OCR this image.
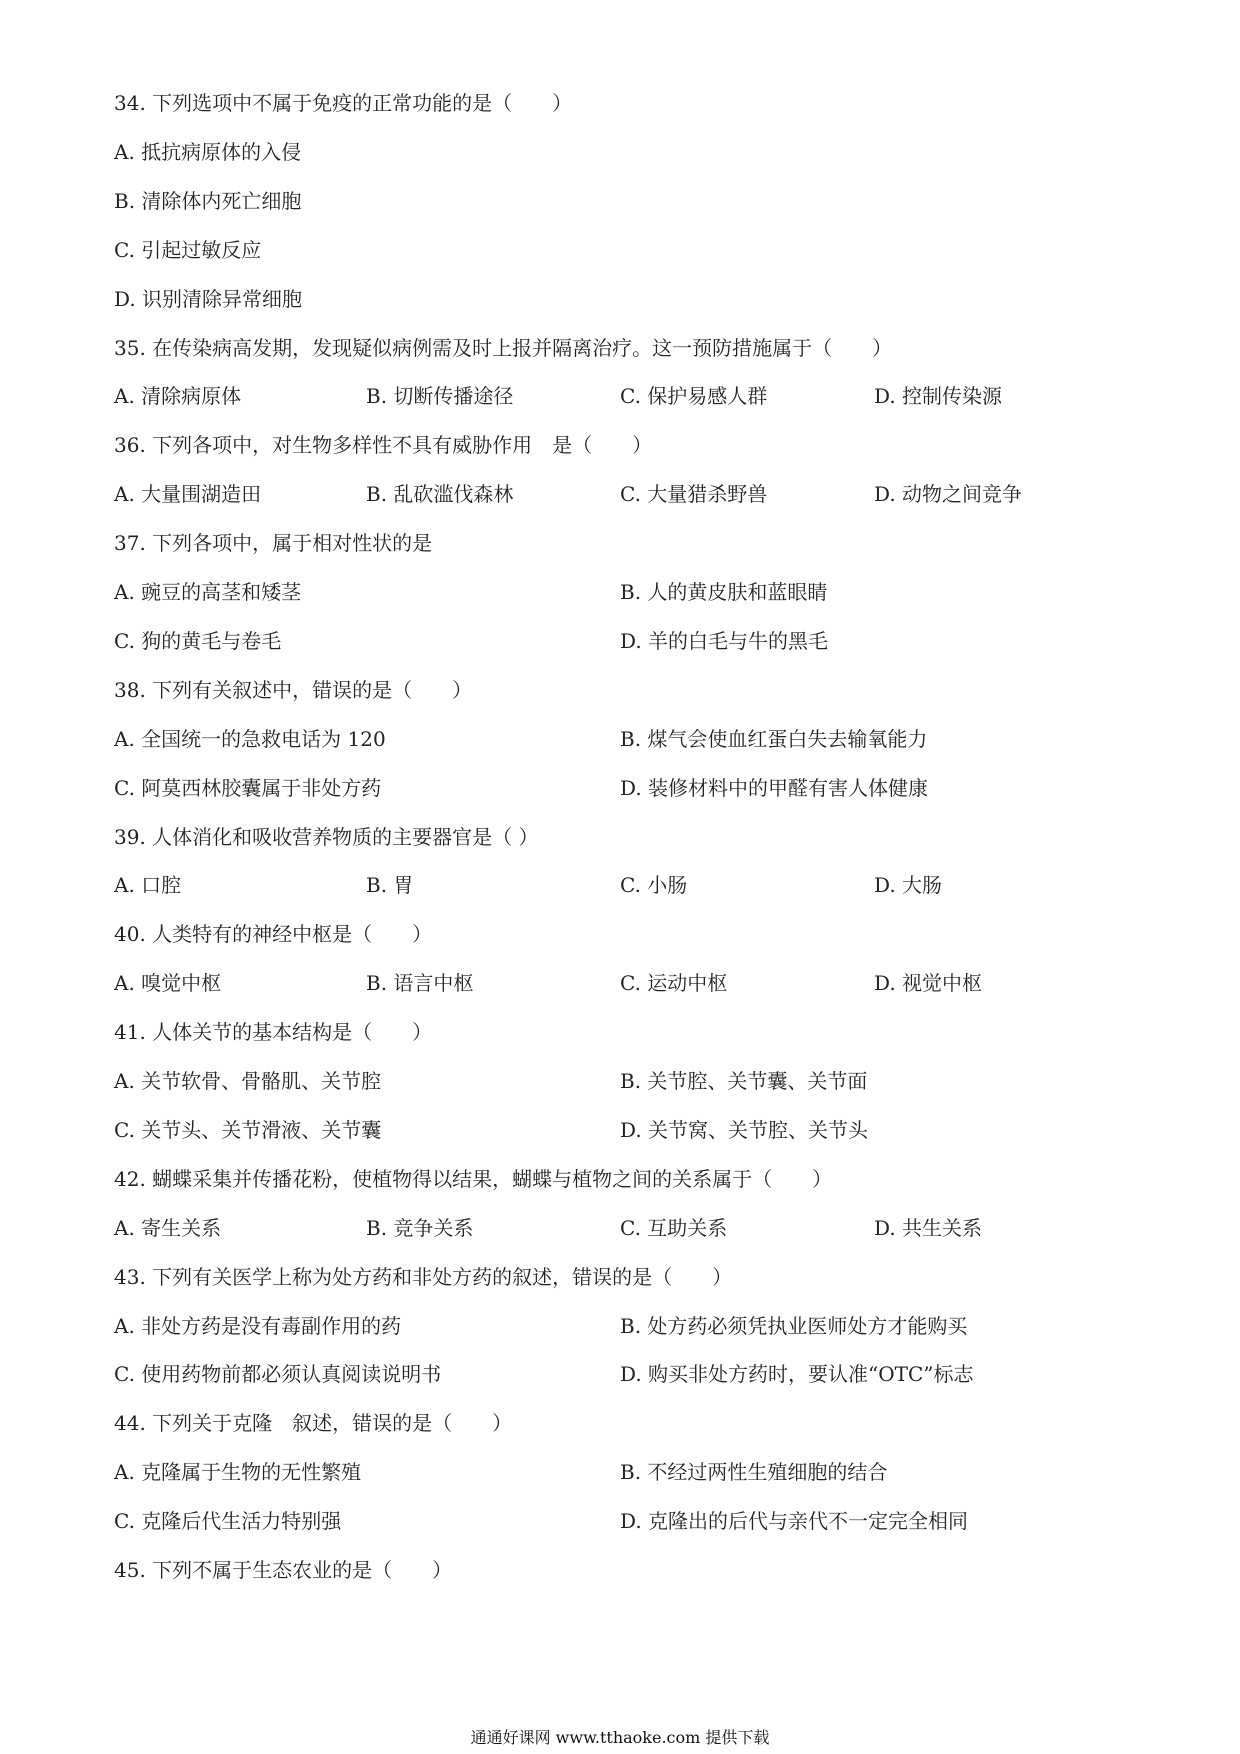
34. 下列选项中不属于免疫的正常功能的是（　　）
A. 抵抗病原体的入侵
B. 清除体内死亡细胞
C. 引起过敏反应
D. 识别清除异常细胞
35. 在传染病高发期，发现疑似病例需及时上报并隔离治疗。这一预防措施属于（　　）
A. 清除病原体	B. 切断传播途径	C. 保护易感人群	D. 控制传染源
36. 下列各项中，对生物多样性不具有威胁作用　是（　　）
A. 大量围湖造田	B. 乱砍滥伐森林	C. 大量猎杀野兽	D. 动物之间竞争
37. 下列各项中，属于相对性状的是
A. 豌豆的高茎和矮茎	B. 人的黄皮肤和蓝眼睛
C. 狗的黄毛与卷毛	D. 羊的白毛与牛的黑毛
38. 下列有关叙述中，错误的是（　　）
A. 全国统一的急救电话为 120	B. 煤气会使血红蛋白失去输氧能力
C. 阿莫西林胶囊属于非处方药	D. 装修材料中的甲醛有害人体健康
39. 人体消化和吸收营养物质的主要器官是（ ）
A. 口腔	B. 胃	C. 小肠	D. 大肠
40. 人类特有的神经中枢是（　　）
A. 嗅觉中枢	B. 语言中枢	C. 运动中枢	D. 视觉中枢
41. 人体关节的基本结构是（　　）
A. 关节软骨、骨骼肌、关节腔	B. 关节腔、关节囊、关节面
C. 关节头、关节滑液、关节囊	D. 关节窝、关节腔、关节头
42. 蝴蝶采集并传播花粉，使植物得以结果，蝴蝶与植物之间的关系属于（　　）
A. 寄生关系	B. 竞争关系	C. 互助关系	D. 共生关系
43. 下列有关医学上称为处方药和非处方药的叙述，错误的是（　　）
A. 非处方药是没有毒副作用的药	B. 处方药必须凭执业医师处方才能购买
C. 使用药物前都必须认真阅读说明书	D. 购买非处方药时，要认准“OTC”标志
44. 下列关于克隆　叙述，错误的是（　　）
A. 克隆属于生物的无性繁殖	B. 不经过两性生殖细胞的结合
C. 克隆后代生活力特别强	D. 克隆出的后代与亲代不一定完全相同
45. 下列不属于生态农业的是（　　）
通通好课网 www.tthaoke.com 提供下载
